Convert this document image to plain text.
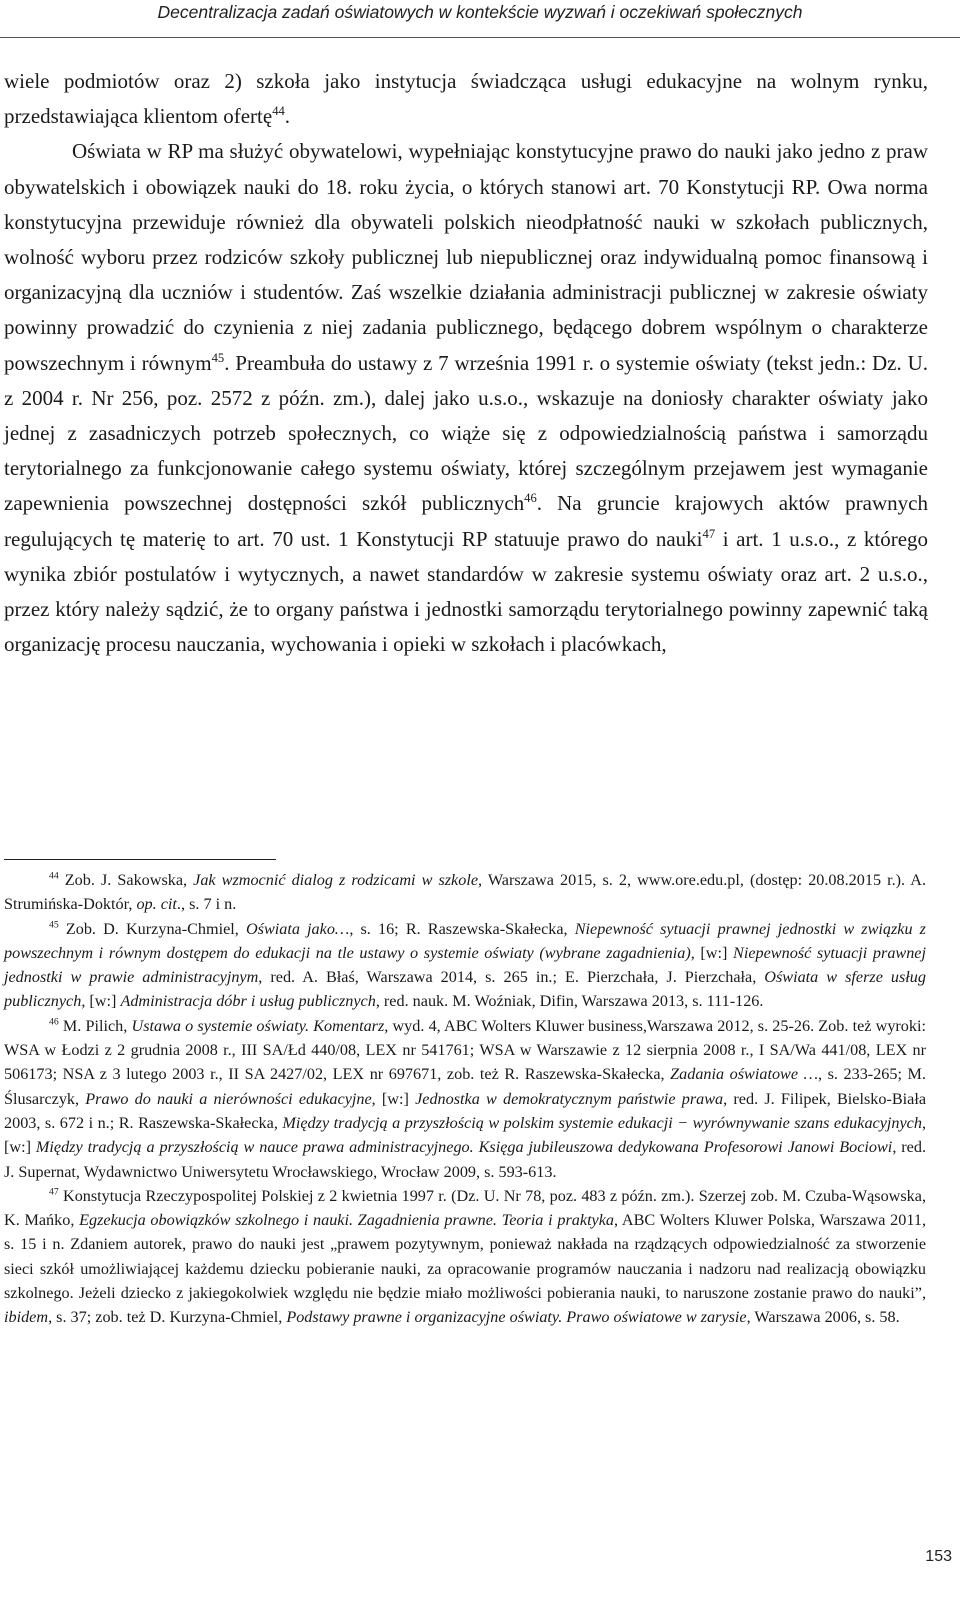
Decentralizacja zadań oświatowych w kontekście wyzwań i oczekiwań społecznych

wiele podmiotów oraz 2) szkoła jako instytucja świadcząca usługi edukacyjne na wolnym rynku, przedstawiająca klientom ofertę$^{44}$.

Oświata w RP ma służyć obywatelowi, wypełniając konstytucyjne prawo do nauki jako jedno z praw obywatelskich i obowiązek nauki do 18. roku życia, o których stanowi art. 70 Konstytucji RP. Owa norma konstytucyjna przewiduje również dla obywateli polskich nieodpłatność nauki w szkołach publicznych, wolność wyboru przez rodziców szkoły publicznej lub niepublicznej oraz indywidualną pomoc finansową i organizacyjną dla uczniów i studentów. Zaś wszelkie działania administracji publicznej w zakresie oświaty powinny prowadzić do czynienia z niej zadania publicznego, będącego dobrem wspólnym o charakterze powszechnym i równym$^{45}$. Preambuła do ustawy z 7 września 1991 r. o systemie oświaty (tekst jedn.: Dz. U. z 2004 r. Nr 256, poz. 2572 z późn. zm.), dalej jako u.s.o., wskazuje na doniosły charakter oświaty jako jednej z zasadniczych potrzeb społecznych, co wiąże się z odpowiedzialnością państwa i samorządu terytorialnego za funkcjonowanie całego systemu oświaty, której szczególnym przejawem jest wymaganie zapewnienia powszechnej dostępności szkół publicznych$^{46}$. Na gruncie krajowych aktów prawnych regulujących tę materię to art. 70 ust. 1 Konstytucji RP statuuje prawo do nauki$^{47}$ i art. 1 u.s.o., z którego wynika zbiór postulatów i wytycznych, a nawet standardów w zakresie systemu oświaty oraz art. 2 u.s.o., przez który należy sądzić, że to organy państwa i jednostki samorządu terytorialnego powinny zapewnić taką organizację procesu nauczania, wychowania i opieki w szkołach i placówkach,

$^{44}$ Zob. J. Sakowska, Jak wzmocnić dialog z rodzicami w szkole, Warszawa 2015, s. 2, www.ore.edu.pl, (dostęp: 20.08.2015 r.). A. Strumińska-Doktór, op. cit., s. 7 i n.

$^{45}$ Zob. D. Kurzyna-Chmiel, Oświata jako…, s. 16; R. Raszewska-Skałecka, Niepewność sytuacji prawnej jednostki w związku z powszechnym i równym dostępem do edukacji na tle ustawy o systemie oświaty (wybrane zagadnienia), [w:] Niepewność sytuacji prawnej jednostki w prawie administracyjnym, red. A. Błaś, Warszawa 2014, s. 265 in.; E. Pierzchała, J. Pierzchała, Oświata w sferze usług publicznych, [w:] Administracja dóbr i usług publicznych, red. nauk. M. Woźniak, Difin, Warszawa 2013, s. 111-126.

$^{46}$ M. Pilich, Ustawa o systemie oświaty. Komentarz, wyd. 4, ABC Wolters Kluwer business,Warszawa 2012, s. 25-26. Zob. też wyroki: WSA w Łodzi z 2 grudnia 2008 r., III SA/Łd 440/08, LEX nr 541761; WSA w Warszawie z 12 sierpnia 2008 r., I SA/Wa 441/08, LEX nr 506173; NSA z 3 lutego 2003 r., II SA 2427/02, LEX nr 697671, zob. też R. Raszewska-Skałecka, Zadania oświatowe …, s. 233-265; M. Ślusarczyk, Prawo do nauki a nierówności edukacyjne, [w:] Jednostka w demokratycznym państwie prawa, red. J. Filipek, Bielsko-Biała 2003, s. 672 i n.; R. Raszewska-Skałecka, Między tradycją a przyszłością w polskim systemie edukacji − wyrównywanie szans edukacyjnych, [w:] Między tradycją a przyszłością w nauce prawa administracyjnego. Księga jubileuszowa dedykowana Profesorowi Janowi Bociowi, red. J. Supernat, Wydawnictwo Uniwersytetu Wrocławskiego, Wrocław 2009, s. 593-613.

$^{47}$ Konstytucja Rzeczypospolitej Polskiej z 2 kwietnia 1997 r. (Dz. U. Nr 78, poz. 483 z późn. zm.). Szerzej zob. M. Czuba-Wąsowska, K. Mańko, Egzekucja obowiązków szkolnego i nauki. Zagadnienia prawne. Teoria i praktyka, ABC Wolters Kluwer Polska, Warszawa 2011, s. 15 i n. Zdaniem autorek, prawo do nauki jest „prawem pozytywnym, ponieważ nakłada na rządzących odpowiedzialność za stworzenie sieci szkół umożliwiającej każdemu dziecku pobieranie nauki, za opracowanie programów nauczania i nadzoru nad realizacją obowiązku szkolnego. Jeżeli dziecko z jakiegokolwiek względu nie będzie miało możliwości pobierania nauki, to naruszone zostanie prawo do nauki”, ibidem, s. 37; zob. też D. Kurzyna-Chmiel, Podstawy prawne i organizacyjne oświaty. Prawo oświatowe w zarysie, Warszawa 2006, s. 58.

153
